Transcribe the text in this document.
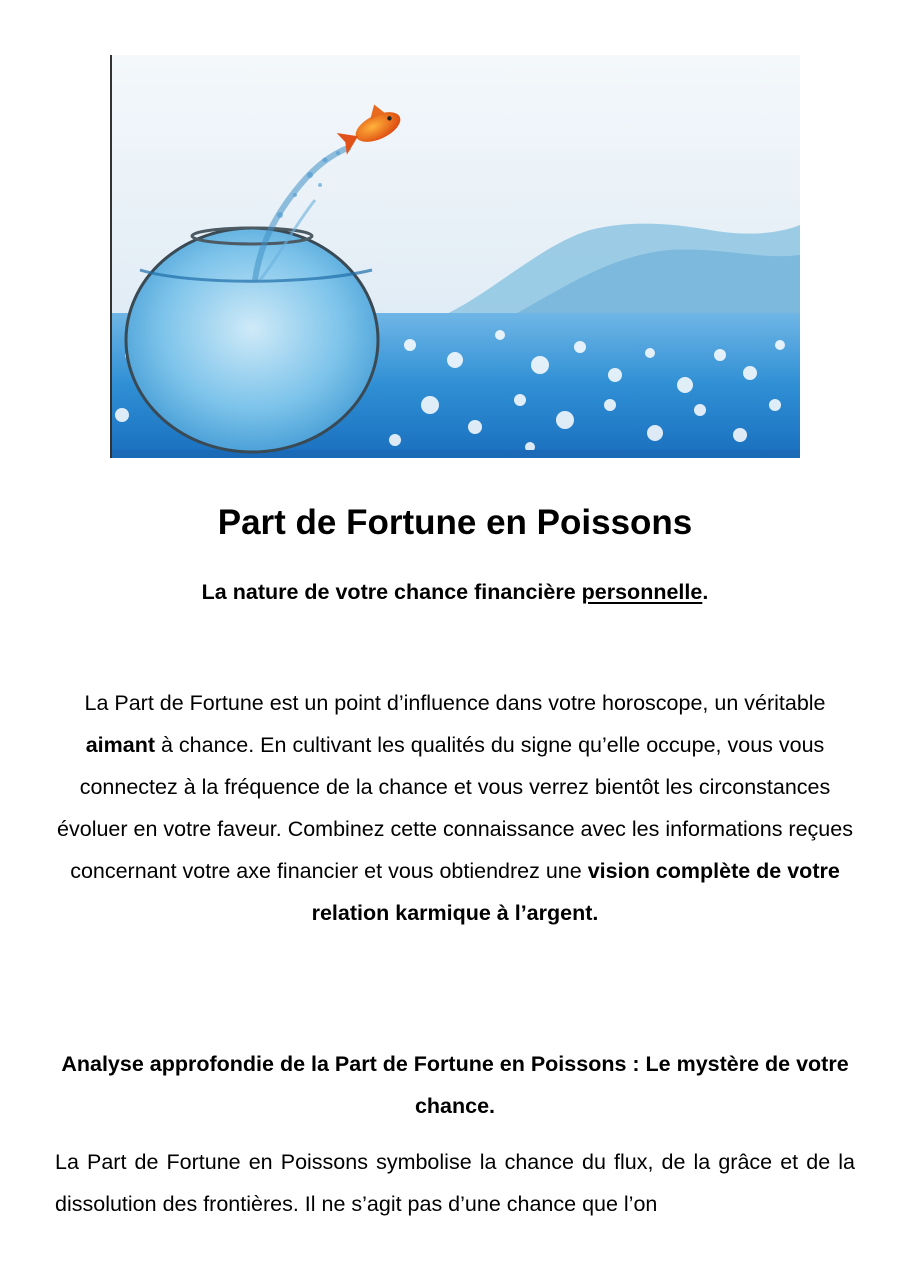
Part de Fortune en Poissons

La nature de votre chance financière personnelle.

La Part de Fortune est un point d’influence dans votre horoscope, un véritable aimant à chance. En cultivant les qualités du signe qu’elle occupe, vous vous connectez à la fréquence de la chance et vous verrez bientôt les circonstances évoluer en votre faveur. Combinez cette connaissance avec les informations reçues concernant votre axe financier et vous obtiendrez une vision complète de votre relation karmique à l’argent.

Analyse approfondie de la Part de Fortune en Poissons : Le mystère de votre chance.

La Part de Fortune en Poissons symbolise la chance du flux, de la grâce et de la dissolution des frontières. Il ne s’agit pas d’une chance que l’on
